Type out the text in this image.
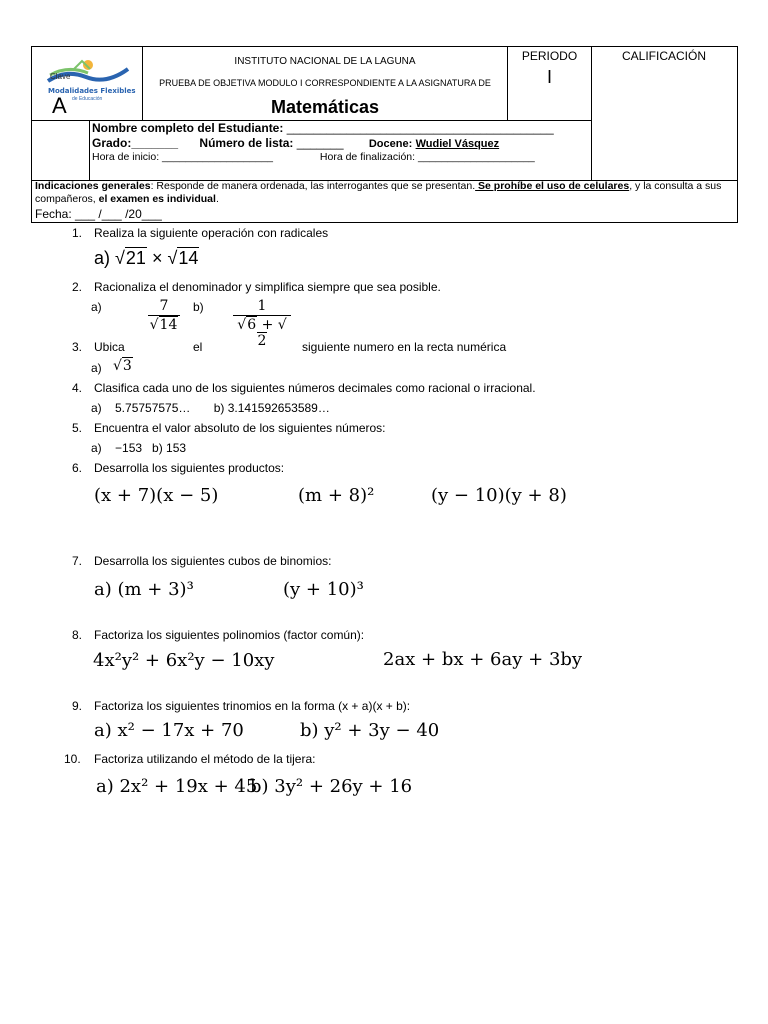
Clave
Modalidades Flexibles
de Educación
A
INSTITUTO NACIONAL DE LA LAGUNA
PRUEBA DE OBJETIVA MODULO I CORRESPONDIENTE A LA ASIGNATURA DE
Matemáticas
PERIODO
I
CALIFICACIÓN
Nombre completo del Estudiante: ________________________________________
Grado:_______ Número de lista: _______ Docene: Wudiel Vásquez
Hora de inicio: ___________________	Hora de finalización: ____________________
Indicaciones generales: Responde de manera ordenada, las interrogantes que se presentan. Se prohíbe el uso de celulares, y la consulta a sus compañeros, el examen es individual.
Fecha: ___ /___ /20___
1. Realiza la siguiente operación con radicales
a) √21 × √14
2. Racionaliza el denominador y simplifica siempre que sea posible.
a)	7
√14
b)	1
√6 + √2
3. Ubica	el	siguiente numero en la recta numérica
a) √3
4. Clasifica cada uno de los siguientes números decimales como racional o irracional.
a)    5.75757575…       b) 3.141592653589…
5. Encuentra el valor absoluto de los siguientes números:
a)    −153   b) 153
6. Desarrolla los siguientes productos:
(x + 7)(x − 5)	(m + 8)²	(y − 10)(y + 8)
7. Desarrolla los siguientes cubos de binomios:
a) (m + 3)³	(y + 10)³
8. Factoriza los siguientes polinomios (factor común):
4x²y² + 6x²y − 10xy	2ax + bx + 6ay + 3by
9. Factoriza los siguientes trinomios en la forma (x + a)(x + b):
a) x² − 17x + 70	b) y² + 3y − 40
10. Factoriza utilizando el método de la tijera:
a) 2x² + 19x + 45
b) 3y² + 26y + 16
